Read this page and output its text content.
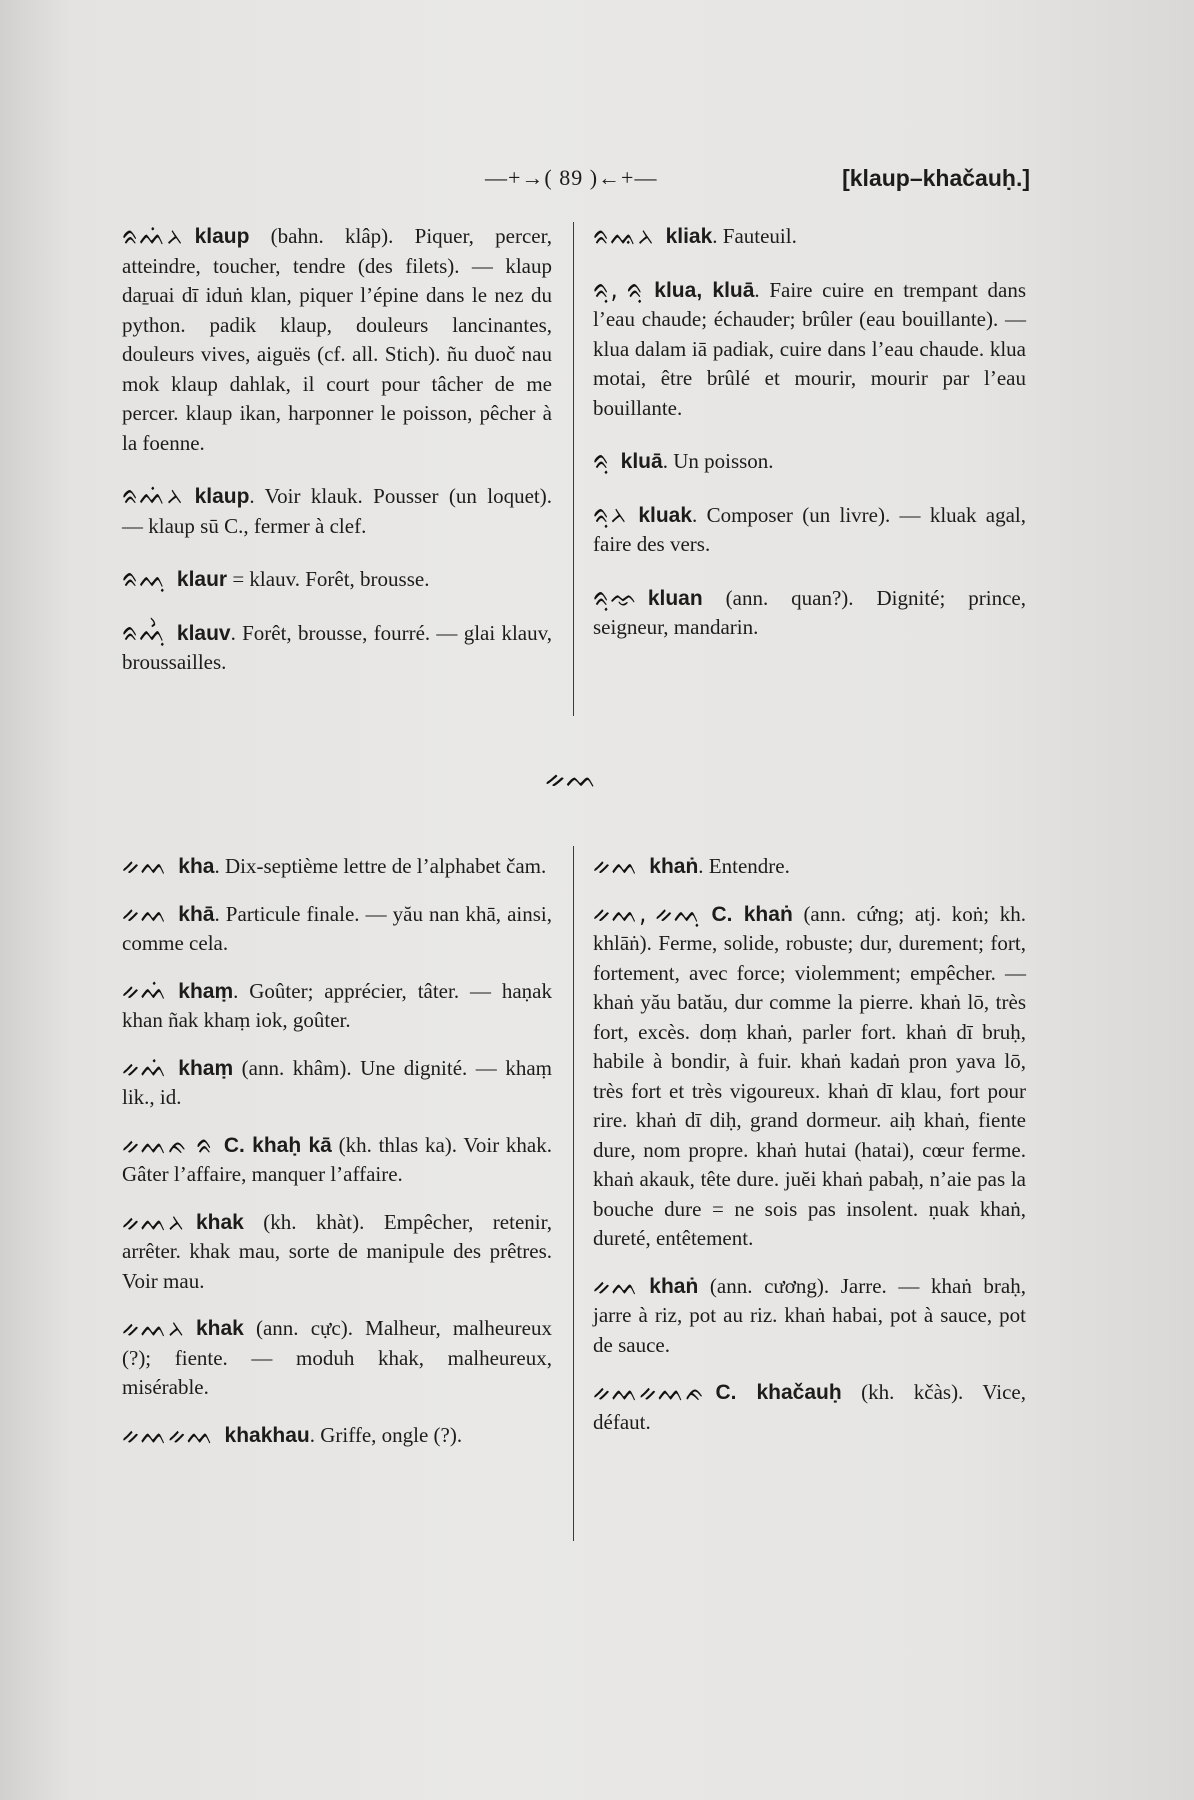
—+→( 89 )←+—	[klaup–khačauḥ.]

ᨑᨓᨗᨂ klaup (bahn. klâp). Piquer, percer, atteindre, toucher, tendre (des filets). — klaup daṟuai dī iduṅ klan, piquer l’épine dans le nez du python. padik klaup, douleurs lancinantes, douleurs vives, aiguës (cf. all. Stich). ñu duoč nau mok klaup dahlak, il court pour tâcher de me percer. klaup ikan, harponner le poisson, pêcher à la foenne.

ᨑᨓᨗᨂ klaup. Voir klauk. Pousser (un loquet). — klaup sū C., fermer à clef.

ᨑᨓᨘ klaur = klauv. Forêt, brousse.

ᨑᨓᨛᨘ klauv. Forêt, brousse, fourré. — glai klauv, broussailles.

ᨑᨕᨂ kliak. Fauteuil.

ᨑᨘ, ᨑᨘ klua, kluā. Faire cuire en trempant dans l’eau chaude; échauder; brûler (eau bouillante). — klua dalam iā padiak, cuire dans l’eau chaude. klua motai, être brûlé et mourir, mourir par l’eau bouillante.

ᨑᨘ kluā. Un poisson.

ᨑᨘᨂ kluak. Composer (un livre). — kluak agal, faire des vers.

ᨑᨘᨎ kluan (ann. quan?). Dignité; prince, seigneur, mandarin.

ᨀᨓ

ᨀᨓ kha. Dix-septième lettre de l’alphabet čam.

ᨀᨓ khā. Particule finale. — yău nan khā, ainsi, comme cela.

ᨀᨓᨗ khaṃ. Goûter; apprécier, tâter. — haṇak khan ñak khaṃ iok, goûter.

ᨀᨓᨗ khaṃ (ann. khâm). Une dignité. — khaṃ lik., id.

ᨀᨓᨃ ᨑ C. khaḥ kā (kh. thlas ka). Voir khak. Gâter l’affaire, manquer l’affaire.

ᨀᨓᨂ khak (kh. khàt). Empêcher, retenir, arrêter. khak mau, sorte de manipule des prêtres. Voir mau.

ᨀᨓᨂ khak (ann. cực). Malheur, malheureux (?); fiente. — moduh khak, malheureux, misérable.

ᨀᨓᨀᨓ khakhau. Griffe, ongle (?).

ᨀᨓ khaṅ. Entendre.

ᨀᨓ, ᨀᨓᨘ C. khaṅ (ann. cứng; atj. koṅ; kh. khlāṅ). Ferme, solide, robuste; dur, durement; fort, fortement, avec force; violemment; empêcher. — khaṅ yău batău, dur comme la pierre. khaṅ lō, très fort, excès. doṃ khaṅ, parler fort. khaṅ dī bruḥ, habile à bondir, à fuir. khaṅ kadaṅ pron yava lō, très fort et très vigoureux. khaṅ dī klau, fort pour rire. khaṅ dī diḥ, grand dormeur. aiḥ khaṅ, fiente dure, nom propre. khaṅ hutai (hatai), cœur ferme. khaṅ akauk, tête dure. juĕi khaṅ pabaḥ, n’aie pas la bouche dure = ne sois pas insolent. ṇuak khaṅ, dureté, entêtement.

ᨀᨓ khaṅ (ann. cương). Jarre. — khaṅ braḥ, jarre à riz, pot au riz. khaṅ habai, pot à sauce, pot de sauce.

ᨀᨓᨀᨓᨃ C. khačauḥ (kh. kčàs). Vice, défaut.
